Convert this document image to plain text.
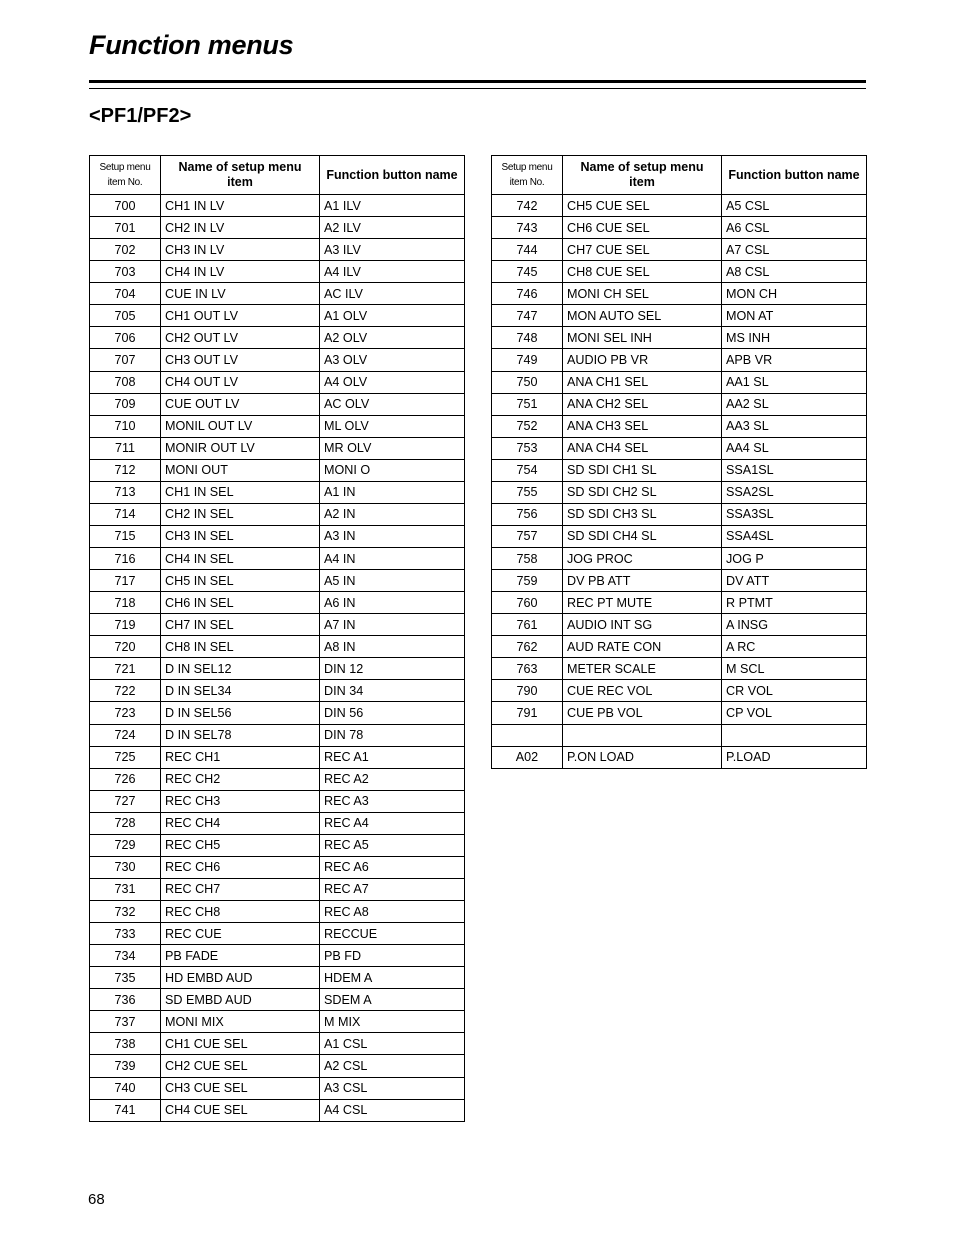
Function menus
<PF1/PF2>
Setup menu item No.	Name of setup menu item	Function button name
700	CH1 IN LV	A1 ILV
701	CH2 IN LV	A2 ILV
702	CH3 IN LV	A3 ILV
703	CH4 IN LV	A4 ILV
704	CUE IN LV	AC ILV
705	CH1 OUT LV	A1 OLV
706	CH2 OUT LV	A2 OLV
707	CH3 OUT LV	A3 OLV
708	CH4 OUT LV	A4 OLV
709	CUE OUT LV	AC OLV
710	MONIL OUT LV	ML OLV
711	MONIR OUT LV	MR OLV
712	MONI OUT	MONI O
713	CH1 IN SEL	A1 IN
714	CH2 IN SEL	A2 IN
715	CH3 IN SEL	A3 IN
716	CH4 IN SEL	A4 IN
717	CH5 IN SEL	A5 IN
718	CH6 IN SEL	A6 IN
719	CH7 IN SEL	A7 IN
720	CH8 IN SEL	A8 IN
721	D IN SEL12	DIN 12
722	D IN SEL34	DIN 34
723	D IN SEL56	DIN 56
724	D IN SEL78	DIN 78
725	REC CH1	REC A1
726	REC CH2	REC A2
727	REC CH3	REC A3
728	REC CH4	REC A4
729	REC CH5	REC A5
730	REC CH6	REC A6
731	REC CH7	REC A7
732	REC CH8	REC A8
733	REC CUE	RECCUE
734	PB FADE	PB FD
735	HD EMBD AUD	HDEM A
736	SD EMBD AUD	SDEM A
737	MONI MIX	M MIX
738	CH1 CUE SEL	A1 CSL
739	CH2 CUE SEL	A2 CSL
740	CH3 CUE SEL	A3 CSL
741	CH4 CUE SEL	A4 CSL
Setup menu item No.	Name of setup menu item	Function button name
742	CH5 CUE SEL	A5 CSL
743	CH6 CUE SEL	A6 CSL
744	CH7 CUE SEL	A7 CSL
745	CH8 CUE SEL	A8 CSL
746	MONI CH SEL	MON CH
747	MON AUTO SEL	MON AT
748	MONI SEL INH	MS INH
749	AUDIO PB VR	APB VR
750	ANA CH1 SEL	AA1 SL
751	ANA CH2 SEL	AA2 SL
752	ANA CH3 SEL	AA3 SL
753	ANA CH4 SEL	AA4 SL
754	SD SDI CH1 SL	SSA1SL
755	SD SDI CH2 SL	SSA2SL
756	SD SDI CH3 SL	SSA3SL
757	SD SDI CH4 SL	SSA4SL
758	JOG PROC	JOG P
759	DV PB ATT	DV ATT
760	REC PT MUTE	R PTMT
761	AUDIO INT SG	A INSG
762	AUD RATE CON	A RC
763	METER SCALE	M SCL
790	CUE REC VOL	CR VOL
791	CUE PB VOL	CP VOL

A02	P.ON LOAD	P.LOAD
68
